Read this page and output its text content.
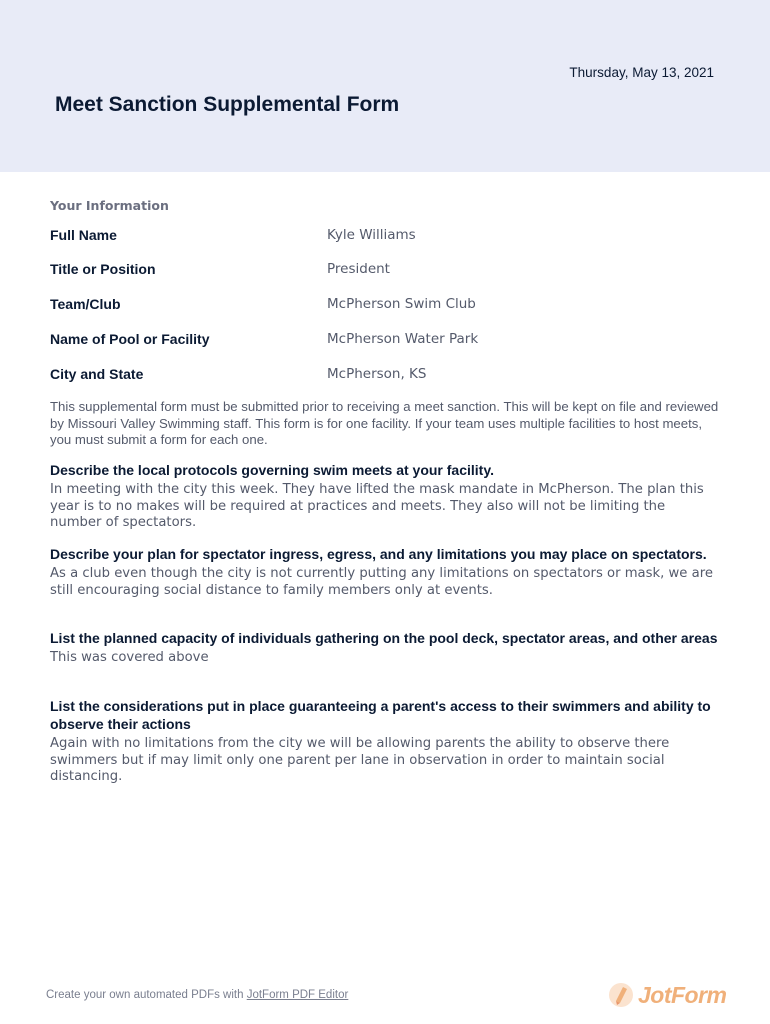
Thursday, May 13, 2021
Meet Sanction Supplemental Form
Your Information
Full Name	Kyle Williams
Title or Position	President
Team/Club	McPherson Swim Club
Name of Pool or Facility	McPherson Water Park
City and State	McPherson, KS

This supplemental form must be submitted prior to receiving a meet sanction. This will be kept on file and reviewed by Missouri Valley Swimming staff. This form is for one facility. If your team uses multiple facilities to host meets, you must submit a form for each one.

Describe the local protocols governing swim meets at your facility.

In meeting with the city this week. They have lifted the mask mandate in McPherson. The plan this year is to no makes will be required at practices and meets. They also will not be limiting the number of spectators.

Describe your plan for spectator ingress, egress, and any limitations you may place on spectators.

As a club even though the city is not currently putting any limitations on spectators or mask, we are still encouraging social distance to family members only at events.

List the planned capacity of individuals gathering on the pool deck, spectator areas, and other areas

This was covered above

List the considerations put in place guaranteeing a parent's access to their swimmers and ability to observe their actions

Again with no limitations from the city we will be allowing parents the ability to observe there swimmers but if may limit only one parent per lane in observation in order to maintain social distancing.

Create your own automated PDFs with JotForm PDF Editor	JotForm
